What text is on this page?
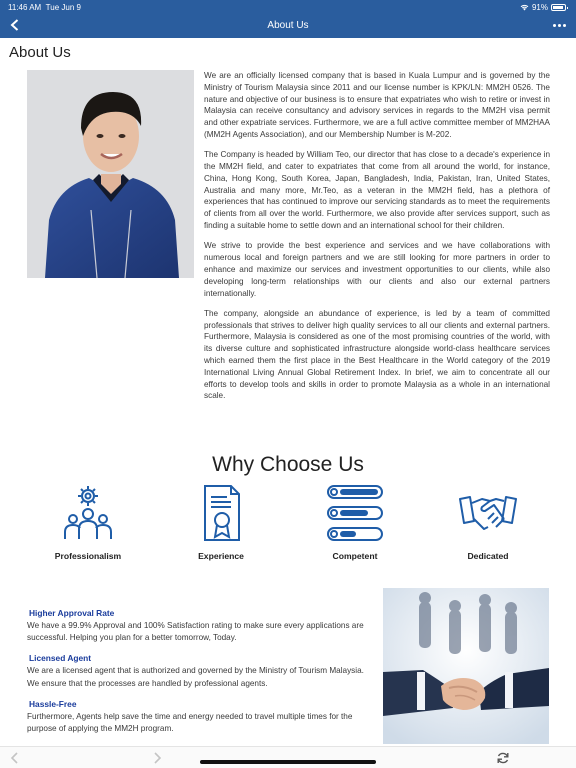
11:46 AM Tue Jun 9	91%
About Us
About Us

We are an officially licensed company that is based in Kuala Lumpur and is governed by the Ministry of Tourism Malaysia since 2011 and our license number is KPK/LN: MM2H 0526. The nature and objective of our business is to ensure that expatriates who wish to retire or invest in Malaysia can receive consultancy and advisory services in regards to the MM2H visa permit and other expatriate services. Furthermore, we are a full active committee member of MM2HAA (MM2H Agents Association), and our Membership Number is M-202.

The Company is headed by William Teo, our director that has close to a decade's experience in the MM2H field, and cater to expatriates that come from all around the world, for instance, China, Hong Kong, South Korea, Japan, Bangladesh, India, Pakistan, Iran, United States, Australia and many more, Mr.Teo, as a veteran in the MM2H field, has a plethora of experiences that has continued to improve our servicing standards as to meet the requirements of clients from all over the world. Furthermore, we also provide after services support, such as finding a suitable home to settle down and an international school for their children.

We strive to provide the best experience and services and we have collaborations with numerous local and foreign partners and we are still looking for more partners in order to enhance and maximize our services and investment opportunities to our clients, while also developing long-term relationships with our clients and also our external partners internationally.

The company, alongside an abundance of experience, is led by a team of committed professionals that strives to deliver high quality services to all our clients and external partners. Furthermore, Malaysia is considered as one of the most promising countries of the world, with its diverse culture and sophisticated infrastructure alongside world-class healthcare services which earned them the first place in the Best Healthcare in the World category of the 2019 International Living Annual Global Retirement Index. In brief, we aim to concentrate all our efforts to develop tools and skills in order to promote Malaysia as a whole in an international scale.

Why Choose Us
Professionalism	Experience	Competent	Dedicated
Higher Approval Rate
We have a 99.9% Approval and 100% Satisfaction rating to make sure every applications are successful. Helping you plan for a better tomorrow, Today.
Licensed Agent
We are a licensed agent that is authorized and governed by the Ministry of Tourism Malaysia. We ensure that the processes are handled by professional agents.
Hassle-Free
Furthermore, Agents help save the time and energy needed to travel multiple times for the purpose of applying the MM2H program.
